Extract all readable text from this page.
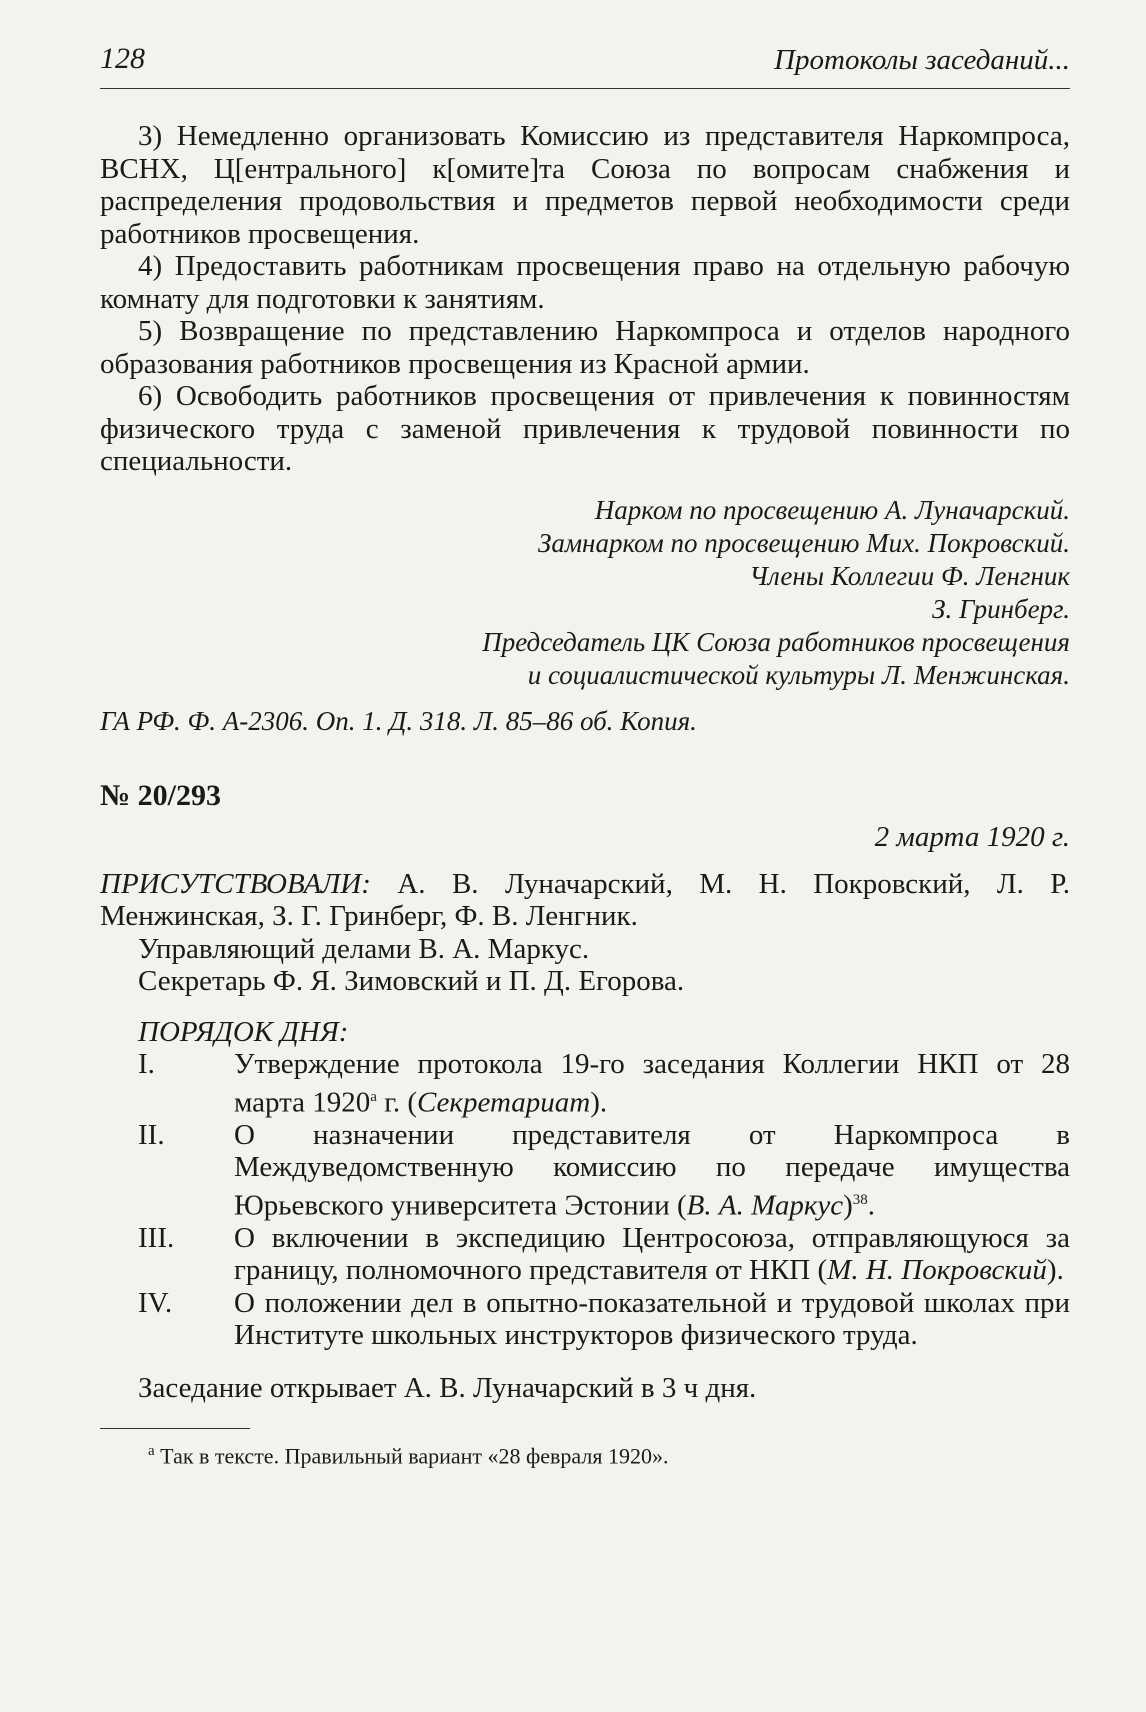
128	Протоколы заседаний...

3) Немедленно организовать Комиссию из представителя Наркомпроса, ВСНХ, Ц[ентрального] к[омите]та Союза по вопросам снабжения и распределения продовольствия и предметов первой необходимости среди работников просвещения.

4) Предоставить работникам просвещения право на отдельную рабочую комнату для подготовки к занятиям.

5) Возвращение по представлению Наркомпроса и отделов народного образования работников просвещения из Красной армии.

6) Освободить работников просвещения от привлечения к повинностям физического труда с заменой привлечения к трудовой повинности по специальности.

Нарком по просвещению А. Луначарский.
Замнарком по просвещению Мих. Покровский.
Члены Коллегии Ф. Ленгник
З. Гринберг.
Председатель ЦК Союза работников просвещения
и социалистической культуры Л. Менжинская.
ГА РФ. Ф. А-2306. Оп. 1. Д. 318. Л. 85–86 об. Копия.
№ 20/293
2 марта 1920 г.
ПРИСУТСТВОВАЛИ: А. В. Луначарский, М. Н. Покровский, Л. Р. Менжинская, З. Г. Гринберг, Ф. В. Ленгник.
Управляющий делами В. А. Маркус.
Секретарь Ф. Я. Зимовский и П. Д. Егорова.
ПОРЯДОК ДНЯ:
I.	Утверждение протокола 19-го заседания Коллегии НКП от 28 марта $1920^а$ г. (Секретариат).
II.	О назначении представителя от Наркомпроса в Междуведомственную комиссию по передаче имущества Юрьевского университета Эстонии (В. А. Маркус)$^{38}$.
III.	О включении в экспедицию Центросоюза, отправляющуюся за границу, полномочного представителя от НКП (М. Н. Покровский).
IV.	О положении дел в опытно-показательной и трудовой школах при Институте школьных инструкторов физического труда.
Заседание открывает А. В. Луначарский в 3 ч дня.
$^а$ Так в тексте. Правильный вариант «28 февраля 1920».
